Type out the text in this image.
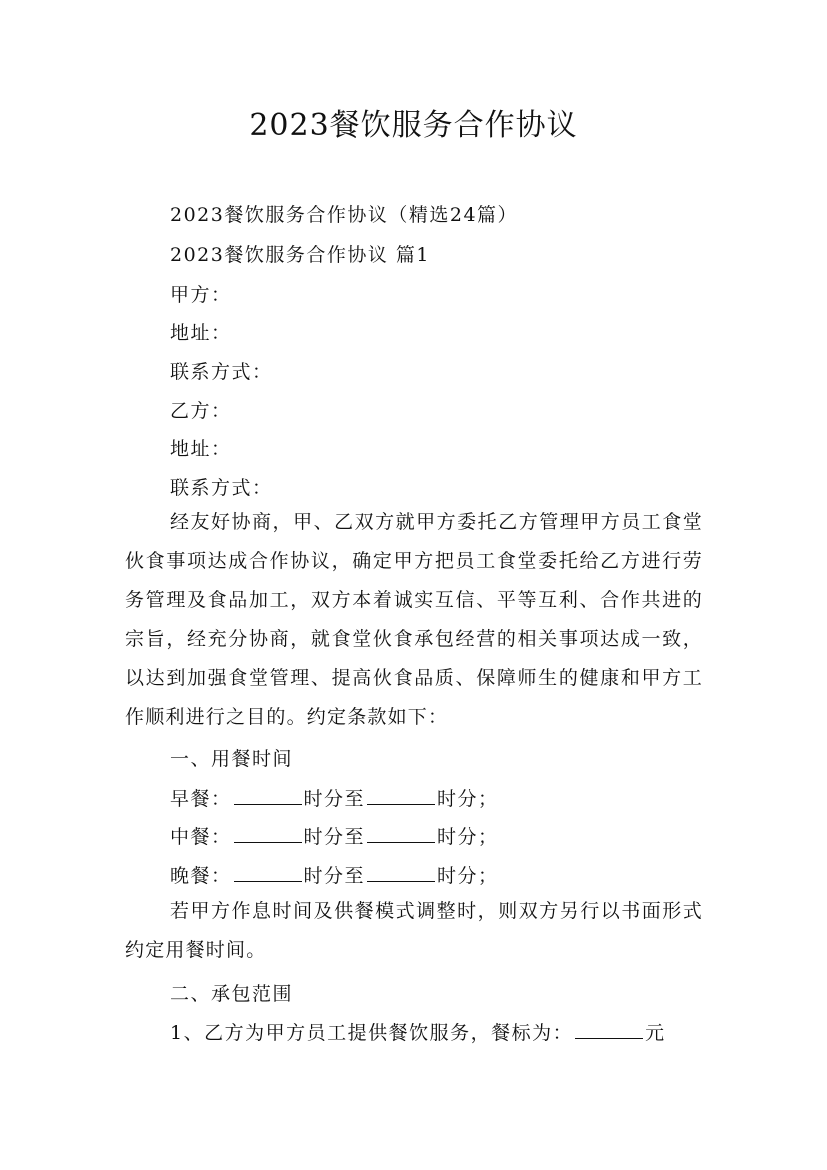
2023餐饮服务合作协议
2023餐饮服务合作协议（精选24篇）
2023餐饮服务合作协议 篇1
甲方：
地址：
联系方式：
乙方：
地址：
联系方式：
经友好协商，甲、乙双方就甲方委托乙方管理甲方员工食堂伙食事项达成合作协议，确定甲方把员工食堂委托给乙方进行劳务管理及食品加工，双方本着诚实互信、平等互利、合作共进的宗旨，经充分协商，就食堂伙食承包经营的相关事项达成一致，以达到加强食堂管理、提高伙食品质、保障师生的健康和甲方工作顺利进行之目的。约定条款如下：
一、用餐时间
早餐：	时分至	时分；
中餐：	时分至	时分；
晚餐：	时分至	时分；
若甲方作息时间及供餐模式调整时，则双方另行以书面形式约定用餐时间。
二、承包范围
1、乙方为甲方员工提供餐饮服务，餐标为：	元
